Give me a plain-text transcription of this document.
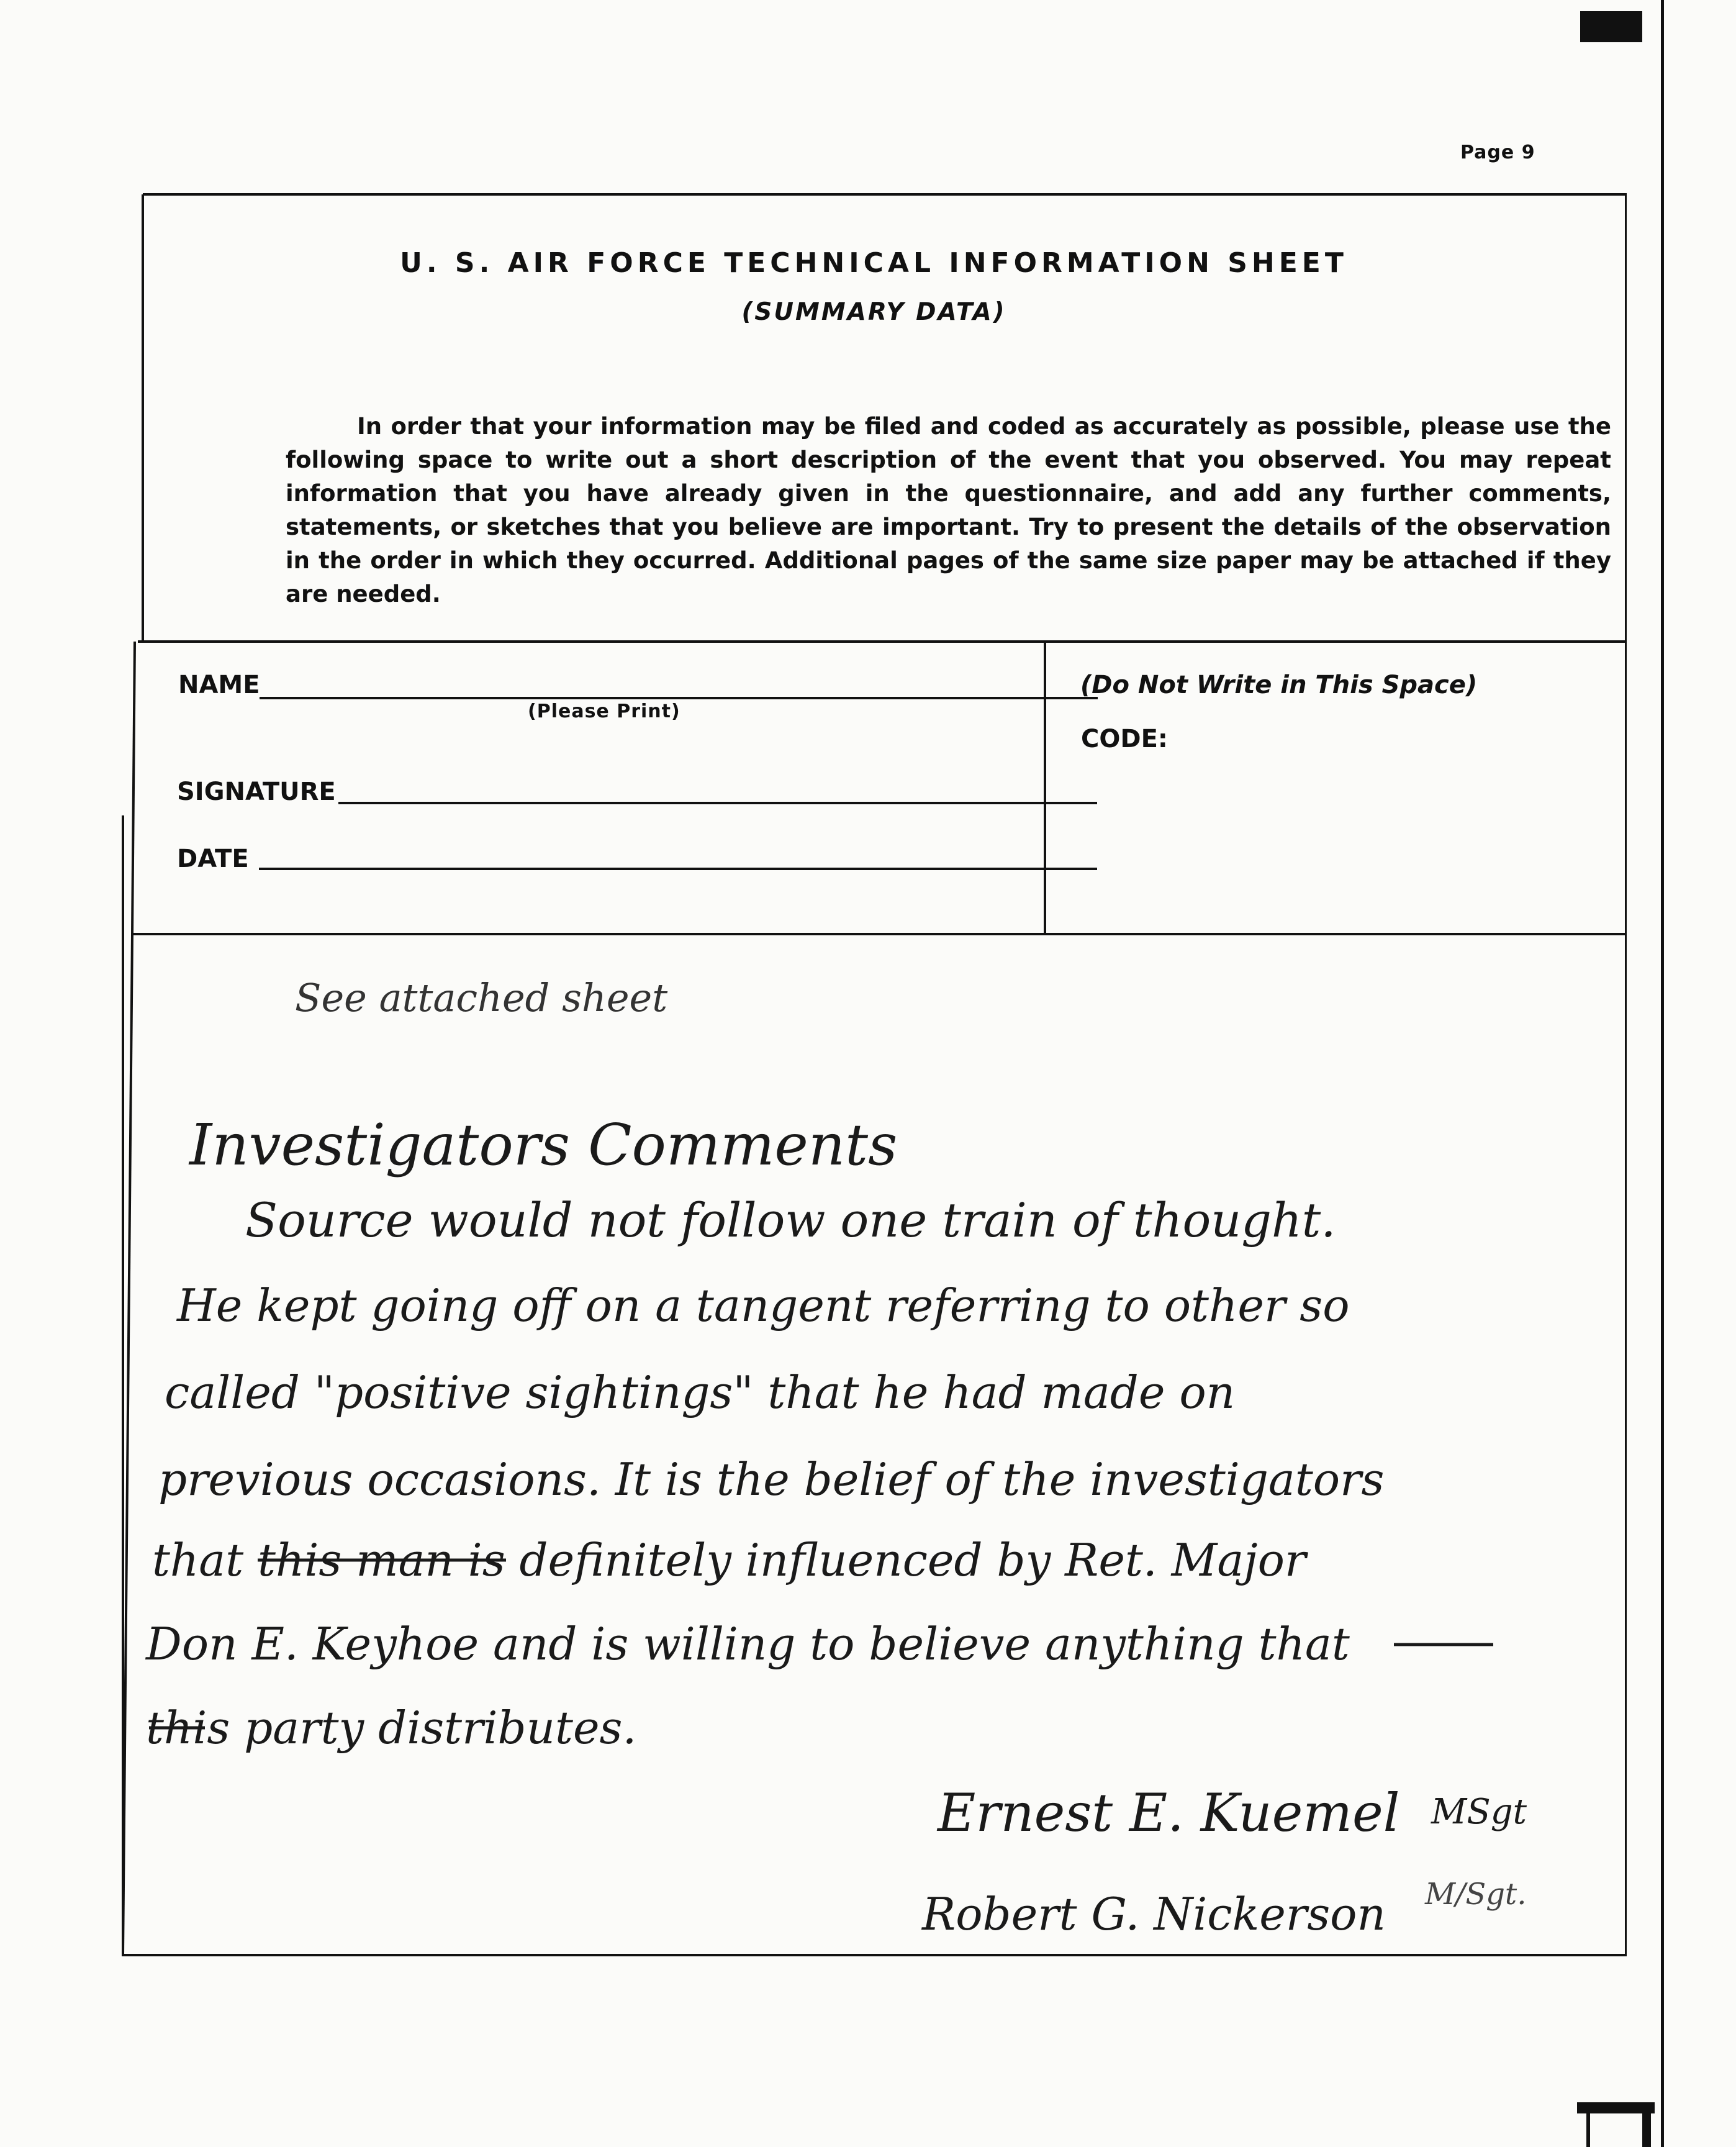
Page 9
U. S. AIR FORCE TECHNICAL INFORMATION SHEET
(SUMMARY DATA)
In order that your information may be filed and coded as accurately as possible, please use the following space to write out a short description of the event that you observed. You may repeat information that you have already given in the questionnaire, and add any further comments, statements, or sketches that you believe are important. Try to present the details of the observation in the order in which they occurred. Additional pages of the same size paper may be attached if they are needed.
NAME
(Please Print)
SIGNATURE
DATE
(Do Not Write in This Space)
CODE:
See attached sheet
Investigators Comments
Source would not follow one train of thought.
He kept going off on a tangent referring to other so
called "positive sightings" that he had made on
previous occasions. It is the belief of the investigators
that this man is definitely influenced by Ret. Major
Don E. Keyhoe and is willing to believe anything that
this party distributes.
Ernest E. Kuemel MSgt
Robert G. Nickerson M/Sgt.
